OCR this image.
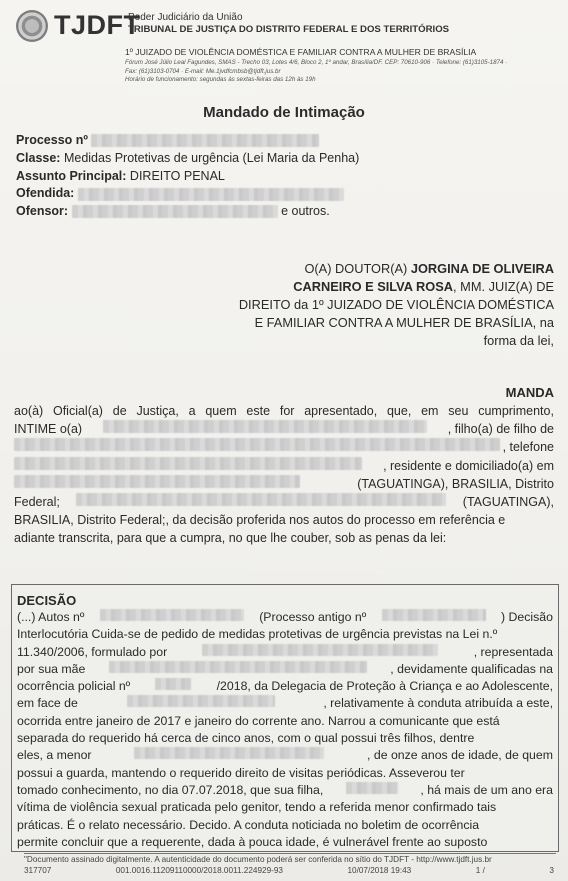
TJDFT
Poder Judiciário da União
TRIBUNAL DE JUSTIÇA DO DISTRITO FEDERAL E DOS TERRITÓRIOS
1º JUIZADO DE VIOLÊNCIA DOMÉSTICA E FAMILIAR CONTRA A MULHER DE BRASÍLIA
Fórum José Júlio Leal Fagundes, SMAS - Trecho 03, Lotes 4/6, Bloco 2, 1º andar, Brasília/DF. CEP: 70610-906 · Telefone: (61)3105-1874 ·
Fax: (61)3103-0704 · E-mail: Me.1jvdfcmbsb@tjdft.jus.br
Horário de funcionamento: segundas às sextas-feiras das 12h às 19h
Mandado de Intimação
Processo nº
Classe: Medidas Protetivas de urgência (Lei Maria da Penha)
Assunto Principal: DIREITO PENAL
Ofendida:
Ofensor:	e outros.

O(A) DOUTOR(A) JORGINA DE OLIVEIRA

CARNEIRO E SILVA ROSA, MM. JUIZ(A) DE

DIREITO da 1º JUIZADO DE VIOLÊNCIA DOMÉSTICA

E FAMILIAR CONTRA A MULHER DE BRASÍLIA, na

forma da lei,

MANDA
ao(à) Oficial(a) de Justiça, a quem este for apresentado, que, em seu cumprimento,
INTIME o(a)	, filho(a) de filho de
, telefone
, residente e domiciliado(a) em
(TAGUATINGA), BRASILIA, Distrito
Federal;	(TAGUATINGA),
BRASILIA, Distrito Federal;, da decisão proferida nos autos do processo em referência e
adiante transcrita, para que a cumpra, no que lhe couber, sob as penas da lei:
DECISÃO
(...) Autos nº	(Processo antigo nº	) Decisão
Interlocutória Cuida-se de pedido de medidas protetivas de urgência previstas na Lei n.º
11.340/2006, formulado por	, representada
por sua mãe	, devidamente qualificadas na
ocorrência policial nº	/2018, da Delegacia de Proteção à Criança e ao Adolescente,
em face de	, relativamente à conduta atribuída a este,
ocorrida entre janeiro de 2017 e janeiro do corrente ano. Narrou a comunicante que está
separada do requerido há cerca de cinco anos, com o qual possui três filhos, dentre
eles, a menor	, de onze anos de idade, de quem
possui a guarda, mantendo o requerido direito de visitas periódicas. Asseverou ter
tomado conhecimento, no dia 07.07.2018, que sua filha,	, há mais de um ano era
vítima de violência sexual praticada pelo genitor, tendo a referida menor confirmado tais
práticas. É o relato necessário. Decido. A conduta noticiada no boletim de ocorrência
permite concluir que a requerente, dada à pouca idade, é vulnerável frente ao suposto
"Documento assinado digitalmente. A autenticidade do documento poderá ser conferida no sítio do TJDFT - http://www.tjdft.jus.br
317707	001.0016.11209110000/2018.0011.224929-93	10/07/2018 19:43	1 /	3
